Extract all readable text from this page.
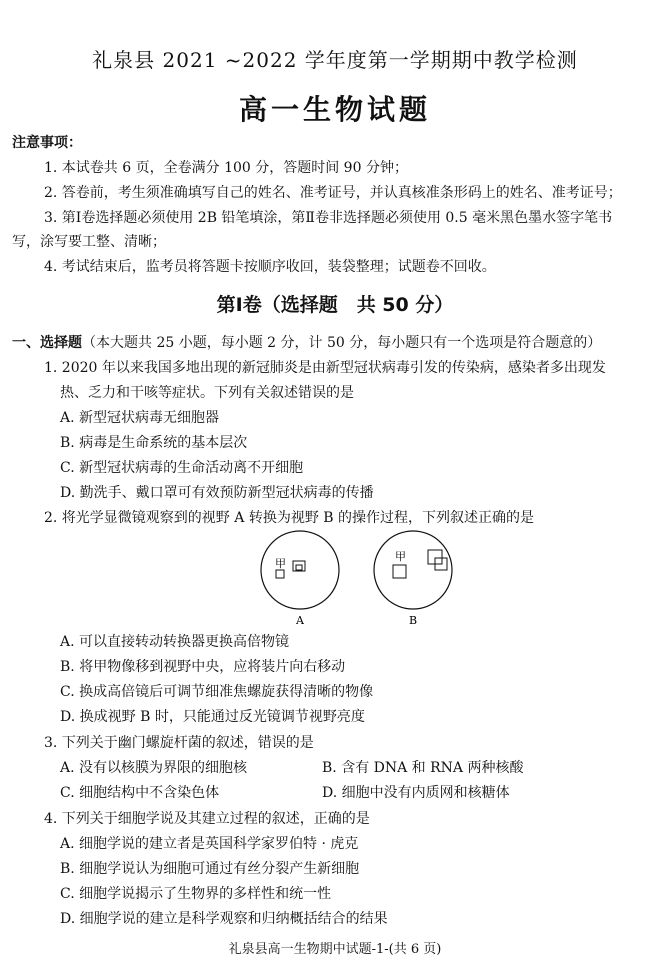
礼泉县 2021 ~2022 学年度第一学期期中教学检测
高一生物试题
注意事项：
1. 本试卷共 6 页，全卷满分 100 分，答题时间 90 分钟；
2. 答卷前，考生须准确填写自己的姓名、准考证号，并认真核准条形码上的姓名、准考证号；
3. 第Ⅰ卷选择题必须使用 2B 铅笔填涂，第Ⅱ卷非选择题必须使用 0.5 毫米黑色墨水签字笔书
写，涂写要工整、清晰；
4. 考试结束后，监考员将答题卡按顺序收回，装袋整理；试题卷不回收。
第Ⅰ卷（选择题　共 50 分）
一、选择题（本大题共 25 小题，每小题 2 分，计 50 分，每小题只有一个选项是符合题意的）
1. 2020 年以来我国多地出现的新冠肺炎是由新型冠状病毒引发的传染病，感染者多出现发
热、乏力和干咳等症状。下列有关叙述错误的是
A. 新型冠状病毒无细胞器
B. 病毒是生命系统的基本层次
C. 新型冠状病毒的生命活动离不开细胞
D. 勤洗手、戴口罩可有效预防新型冠状病毒的传播
2. 将光学显微镜观察到的视野 A 转换为视野 B 的操作过程，下列叙述正确的是
甲
A
甲
B
A. 可以直接转动转换器更换高倍物镜
B. 将甲物像移到视野中央，应将装片向右移动
C. 换成高倍镜后可调节细准焦螺旋获得清晰的物像
D. 换成视野 B 时，只能通过反光镜调节视野亮度
3. 下列关于幽门螺旋杆菌的叙述，错误的是
A. 没有以核膜为界限的细胞核	B. 含有 DNA 和 RNA 两种核酸
C. 细胞结构中不含染色体	D. 细胞中没有内质网和核糖体
4. 下列关于细胞学说及其建立过程的叙述，正确的是
A. 细胞学说的建立者是英国科学家罗伯特 · 虎克
B. 细胞学说认为细胞可通过有丝分裂产生新细胞
C. 细胞学说揭示了生物界的多样性和统一性
D. 细胞学说的建立是科学观察和归纳概括结合的结果
礼泉县高一生物期中试题-1-(共 6 页)
